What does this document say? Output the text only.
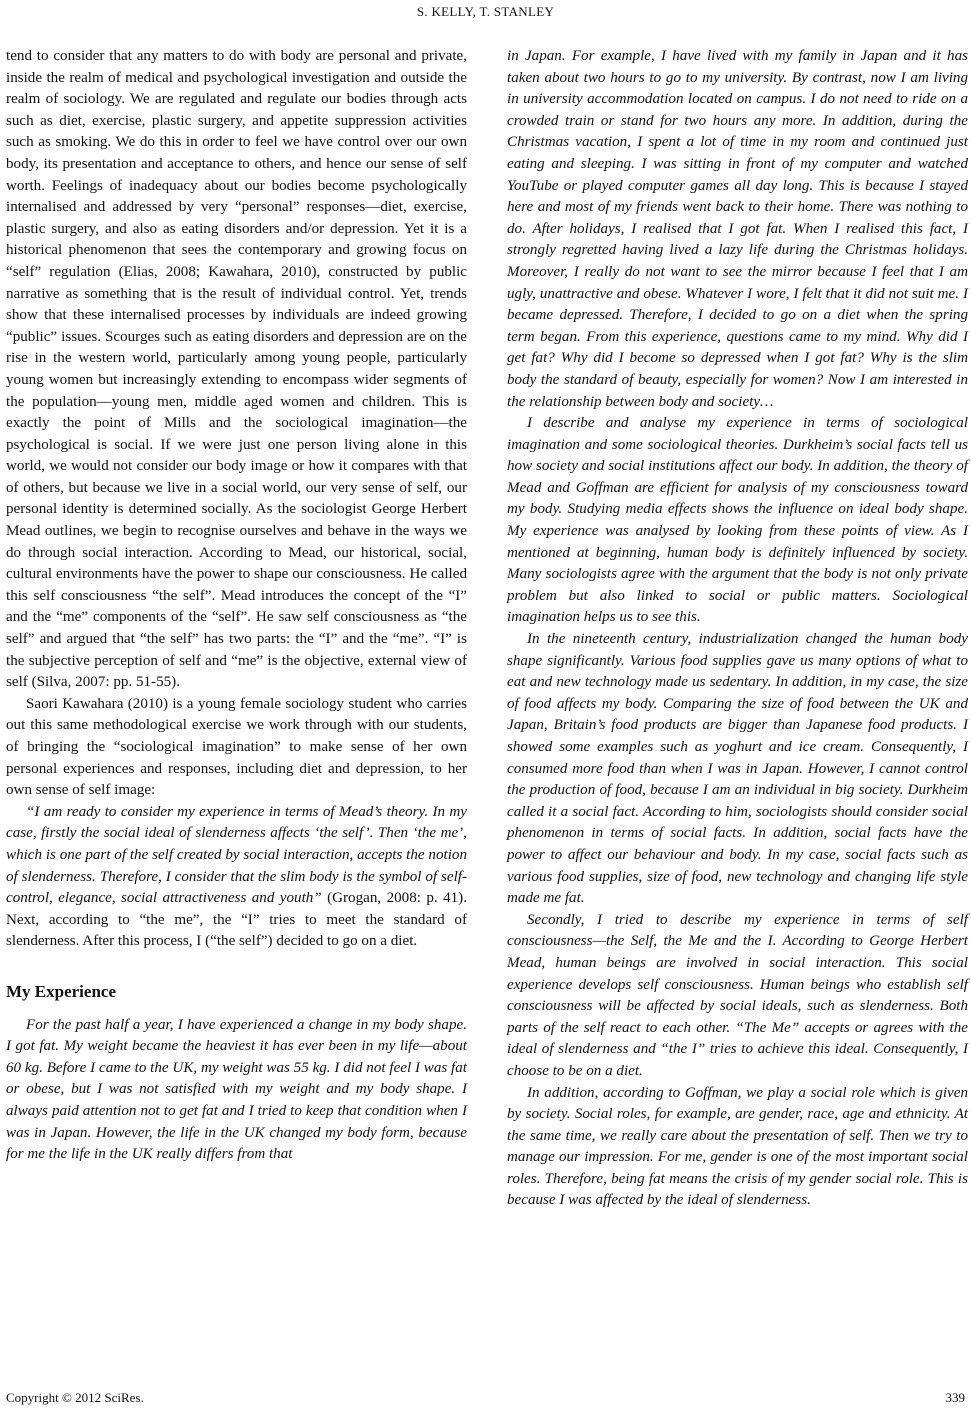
S. KELLY, T. STANLEY

tend to consider that any matters to do with body are personal and private, inside the realm of medical and psychological investigation and outside the realm of sociology. We are regulated and regulate our bodies through acts such as diet, exercise, plastic surgery, and appetite suppression activities such as smoking. We do this in order to feel we have control over our own body, its presentation and acceptance to others, and hence our sense of self worth. Feelings of inadequacy about our bodies become psychologically internalised and addressed by very “personal” responses—diet, exercise, plastic surgery, and also as eating disorders and/or depression. Yet it is a historical phenomenon that sees the contemporary and growing focus on “self” regulation (Elias, 2008; Kawahara, 2010), constructed by public narrative as something that is the result of individual control. Yet, trends show that these internalised processes by individuals are indeed growing “public” issues. Scourges such as eating disorders and depression are on the rise in the western world, particularly among young people, particularly young women but increasingly extending to encompass wider segments of the population—young men, middle aged women and children. This is exactly the point of Mills and the sociological imagination—the psychological is social. If we were just one person living alone in this world, we would not consider our body image or how it compares with that of others, but because we live in a social world, our very sense of self, our personal identity is determined socially. As the sociologist George Herbert Mead outlines, we begin to recognise ourselves and behave in the ways we do through social interaction. According to Mead, our historical, social, cultural environments have the power to shape our consciousness. He called this self consciousness “the self”. Mead introduces the concept of the “I” and the “me” components of the “self”. He saw self consciousness as “the self” and argued that “the self” has two parts: the “I” and the “me”. “I” is the subjective perception of self and “me” is the objective, external view of self (Silva, 2007: pp. 51-55).

Saori Kawahara (2010) is a young female sociology student who carries out this same methodological exercise we work through with our students, of bringing the “sociological imagination” to make sense of her own personal experiences and responses, including diet and depression, to her own sense of self image:

“I am ready to consider my experience in terms of Mead’s theory. In my case, firstly the social ideal of slenderness affects ‘the self’. Then ‘the me’, which is one part of the self created by social interaction, accepts the notion of slenderness. Therefore, I consider that the slim body is the symbol of self-control, elegance, social attractiveness and youth” (Grogan, 2008: p. 41). Next, according to “the me”, the “I” tries to meet the standard of slenderness. After this process, I (“the self”) decided to go on a diet.

My Experience

For the past half a year, I have experienced a change in my body shape. I got fat. My weight became the heaviest it has ever been in my life—about 60 kg. Before I came to the UK, my weight was 55 kg. I did not feel I was fat or obese, but I was not satisfied with my weight and my body shape. I always paid attention not to get fat and I tried to keep that condition when I was in Japan. However, the life in the UK changed my body form, because for me the life in the UK really differs from that

in Japan. For example, I have lived with my family in Japan and it has taken about two hours to go to my university. By contrast, now I am living in university accommodation located on campus. I do not need to ride on a crowded train or stand for two hours any more. In addition, during the Christmas vacation, I spent a lot of time in my room and continued just eating and sleeping. I was sitting in front of my computer and watched YouTube or played computer games all day long. This is because I stayed here and most of my friends went back to their home. There was nothing to do. After holidays, I realised that I got fat. When I realised this fact, I strongly regretted having lived a lazy life during the Christmas holidays. Moreover, I really do not want to see the mirror because I feel that I am ugly, unattractive and obese. Whatever I wore, I felt that it did not suit me. I became depressed. Therefore, I decided to go on a diet when the spring term began. From this experience, questions came to my mind. Why did I get fat? Why did I become so depressed when I got fat? Why is the slim body the standard of beauty, especially for women? Now I am interested in the relationship between body and society…

I describe and analyse my experience in terms of sociological imagination and some sociological theories. Durkheim’s social facts tell us how society and social institutions affect our body. In addition, the theory of Mead and Goffman are efficient for analysis of my consciousness toward my body. Studying media effects shows the influence on ideal body shape. My experience was analysed by looking from these points of view. As I mentioned at beginning, human body is definitely influenced by society. Many sociologists agree with the argument that the body is not only private problem but also linked to social or public matters. Sociological imagination helps us to see this.

In the nineteenth century, industrialization changed the human body shape significantly. Various food supplies gave us many options of what to eat and new technology made us sedentary. In addition, in my case, the size of food affects my body. Comparing the size of food between the UK and Japan, Britain’s food products are bigger than Japanese food products. I showed some examples such as yoghurt and ice cream. Consequently, I consumed more food than when I was in Japan. However, I cannot control the production of food, because I am an individual in big society. Durkheim called it a social fact. According to him, sociologists should consider social phenomenon in terms of social facts. In addition, social facts have the power to affect our behaviour and body. In my case, social facts such as various food supplies, size of food, new technology and changing life style made me fat.

Secondly, I tried to describe my experience in terms of self consciousness—the Self, the Me and the I. According to George Herbert Mead, human beings are involved in social interaction. This social experience develops self consciousness. Human beings who establish self consciousness will be affected by social ideals, such as slenderness. Both parts of the self react to each other. “The Me” accepts or agrees with the ideal of slenderness and “the I” tries to achieve this ideal. Consequently, I choose to be on a diet.

In addition, according to Goffman, we play a social role which is given by society. Social roles, for example, are gender, race, age and ethnicity. At the same time, we really care about the presentation of self. Then we try to manage our impression. For me, gender is one of the most important social roles. Therefore, being fat means the crisis of my gender social role. This is because I was affected by the ideal of slenderness.

Copyright © 2012 SciRes.	339
